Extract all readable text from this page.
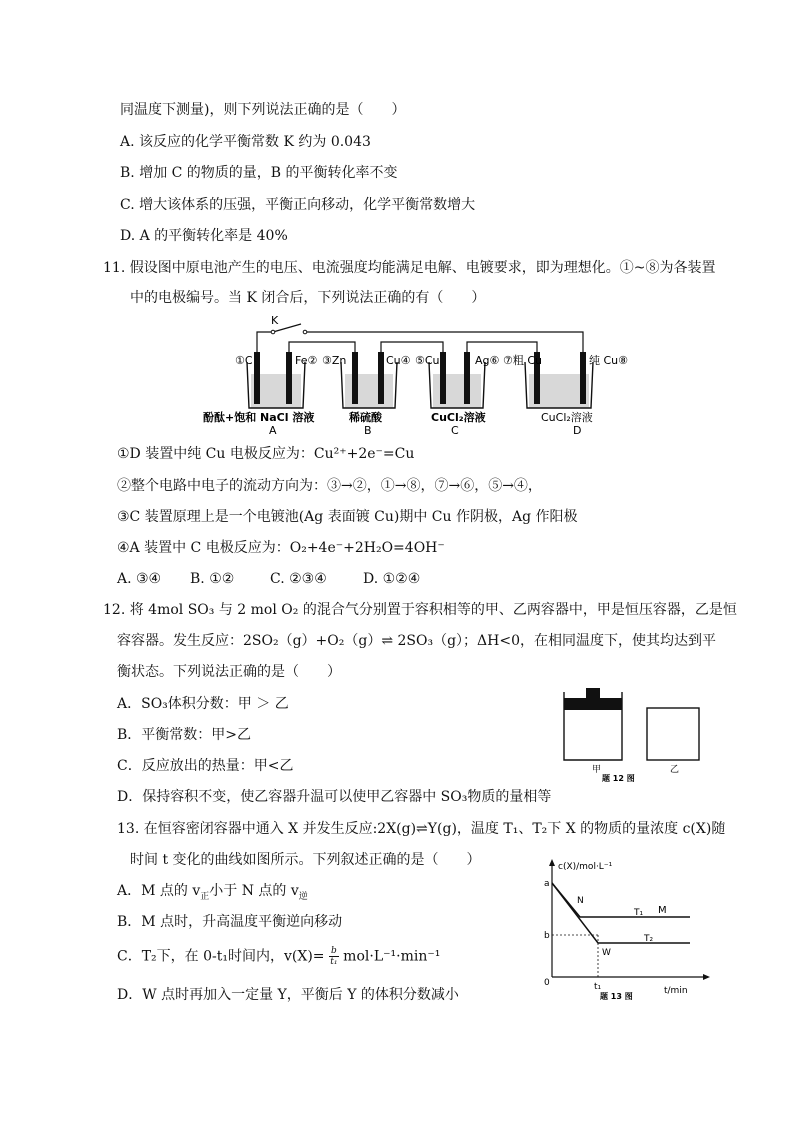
同温度下测量)，则下列说法正确的是（　　）
A. 该反应的化学平衡常数 K 约为 0.043
B. 增加 C 的物质的量，B 的平衡转化率不变
C. 增大该体系的压强，平衡正向移动，化学平衡常数增大
D. A 的平衡转化率是 40%
11. 假设图中原电池产生的电压、电流强度均能满足电解、电镀要求，即为理想化。①~⑧为各装置
中的电极编号。当 K 闭合后，下列说法正确的有（　　）
K
①C	Fe② ③Zn	Cu④ ⑤Cu	Ag⑥ ⑦粗 Cu	纯 Cu⑧
酚酞+饱和 NaCl 溶液	稀硫酸	CuCl₂溶液	CuCl₂溶液
A	B	C	D
①D 装置中纯 Cu 电极反应为：Cu²⁺+2e⁻=Cu
②整个电路中电子的流动方向为：③→②，①→⑧，⑦→⑥，⑤→④，
③C 装置原理上是一个电镀池(Ag 表面镀 Cu)期中 Cu 作阴极，Ag 作阳极
④A 装置中 C 电极反应为：O₂+4e⁻+2H₂O=4OH⁻
A. ③④ B. ①②	C. ②③④	D. ①②④
12. 将 4mol SO₃ 与 2 mol O₂ 的混合气分别置于容积相等的甲、乙两容器中，甲是恒压容器，乙是恒
容容器。发生反应：2SO₂（g）+O₂（g）⇌ 2SO₃（g）；ΔH<0，在相同温度下，使其均达到平
衡状态。下列说法正确的是（　　）
A．SO₃体积分数：甲 ＞ 乙
B．平衡常数：甲>乙
C．反应放出的热量：甲<乙
D．保持容积不变，使乙容器升温可以使甲乙容器中 SO₃物质的量相等
甲	乙
题 12 图
13. 在恒容密闭容器中通入 X 并发生反应:2X(g)⇌Y(g)，温度 T₁、T₂下 X 的物质的量浓度 c(X)随
时间 t 变化的曲线如图所示。下列叙述正确的是（　　）
A．M 点的 $v_正$小于 N 点的 $v_逆$
B．M 点时，升高温度平衡逆向移动
C．T₂下，在 0-t₁时间内，$v(X)= \frac{b}{\text{t₁}} mol\cdot L^{-1}\cdot\min^{-1}$
D．W 点时再加入一定量 Y，平衡后 Y 的体积分数减小
c(X)/mol·L⁻¹
t/min
0
a
b
t₁
N
M
W
T₁
T₂
题 13 图
